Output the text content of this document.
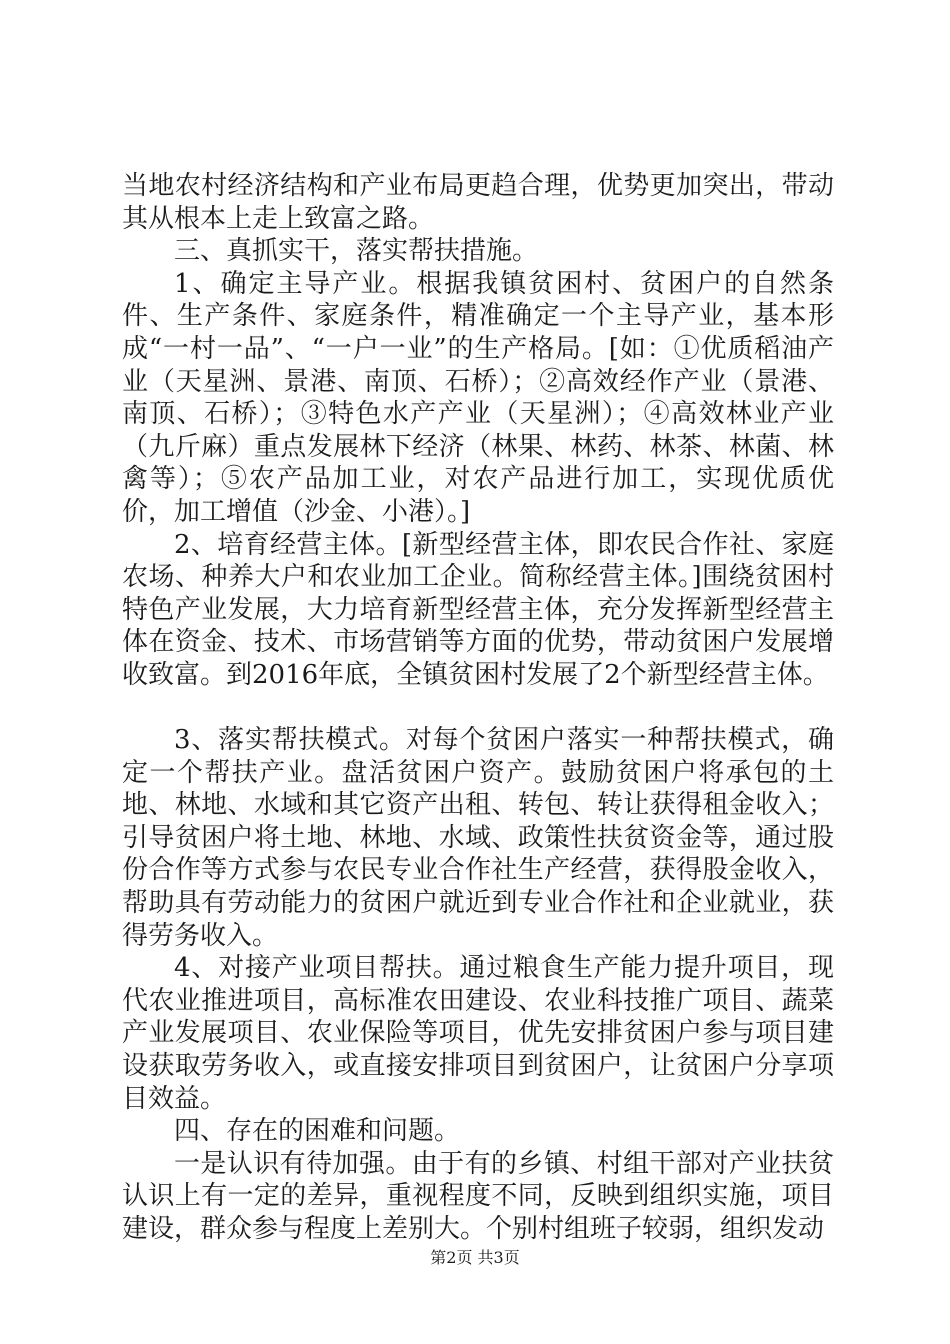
当地农村经济结构和产业布局更趋合理，优势更加突出，带动其从根本上走上致富之路。

三、真抓实干，落实帮扶措施。

1、确定主导产业。根据我镇贫困村、贫困户的自然条件、生产条件、家庭条件，精准确定一个主导产业，基本形成“一村一品”、“一户一业”的生产格局。[如：①优质稻油产业（天星洲、景港、南顶、石桥）；②高效经作产业（景港、南顶、石桥）；③特色水产产业（天星洲）；④高效林业产业（九斤麻）重点发展林下经济（林果、林药、林茶、林菌、林禽等）；⑤农产品加工业，对农产品进行加工，实现优质优价，加工增值（沙金、小港）。]

2、培育经营主体。[新型经营主体，即农民合作社、家庭农场、种养大户和农业加工企业。简称经营主体。]围绕贫困村特色产业发展，大力培育新型经营主体，充分发挥新型经营主体在资金、技术、市场营销等方面的优势，带动贫困户发展增收致富。到2016年底，全镇贫困村发展了2个新型经营主体。

3、落实帮扶模式。对每个贫困户落实一种帮扶模式，确定一个帮扶产业。盘活贫困户资产。鼓励贫困户将承包的土地、林地、水域和其它资产出租、转包、转让获得租金收入；引导贫困户将土地、林地、水域、政策性扶贫资金等，通过股份合作等方式参与农民专业合作社生产经营，获得股金收入，帮助具有劳动能力的贫困户就近到专业合作社和企业就业，获得劳务收入。

4、对接产业项目帮扶。通过粮食生产能力提升项目，现代农业推进项目，高标准农田建设、农业科技推广项目、蔬菜产业发展项目、农业保险等项目，优先安排贫困户参与项目建设获取劳务收入，或直接安排项目到贫困户，让贫困户分享项目效益。

四、存在的困难和问题。

一是认识有待加强。由于有的乡镇、村组干部对产业扶贫认识上有一定的差异，重视程度不同，反映到组织实施，项目建设，群众参与程度上差别大。个别村组班子较弱，组织发动

第2页 共3页
